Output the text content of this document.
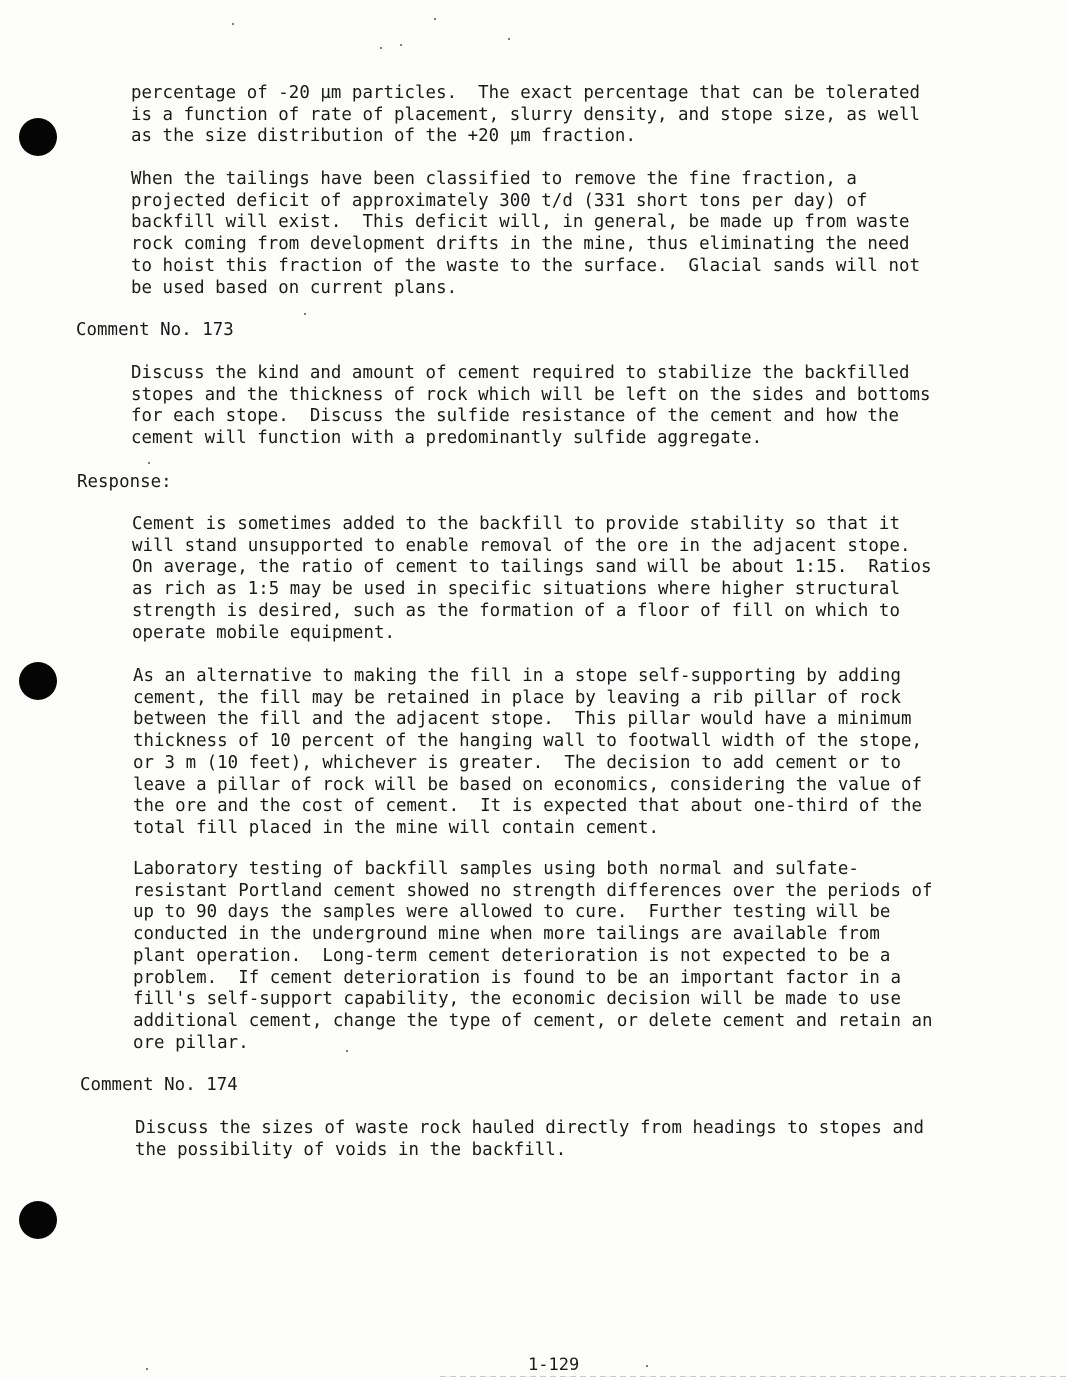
percentage of -20 µm particles.  The exact percentage that can be tolerated
is a function of rate of placement, slurry density, and stope size, as well
as the size distribution of the +20 µm fraction.
When the tailings have been classified to remove the fine fraction, a
projected deficit of approximately 300 t/d (331 short tons per day) of
backfill will exist.  This deficit will, in general, be made up from waste
rock coming from development drifts in the mine, thus eliminating the need
to hoist this fraction of the waste to the surface.  Glacial sands will not
be used based on current plans.
Comment No. 173
Discuss the kind and amount of cement required to stabilize the backfilled
stopes and the thickness of rock which will be left on the sides and bottoms
for each stope.  Discuss the sulfide resistance of the cement and how the
cement will function with a predominantly sulfide aggregate.
Response:
Cement is sometimes added to the backfill to provide stability so that it
will stand unsupported to enable removal of the ore in the adjacent stope.
On average, the ratio of cement to tailings sand will be about 1:15.  Ratios
as rich as 1:5 may be used in specific situations where higher structural
strength is desired, such as the formation of a floor of fill on which to
operate mobile equipment.
As an alternative to making the fill in a stope self-supporting by adding
cement, the fill may be retained in place by leaving a rib pillar of rock
between the fill and the adjacent stope.  This pillar would have a minimum
thickness of 10 percent of the hanging wall to footwall width of the stope,
or 3 m (10 feet), whichever is greater.  The decision to add cement or to
leave a pillar of rock will be based on economics, considering the value of
the ore and the cost of cement.  It is expected that about one-third of the
total fill placed in the mine will contain cement.
Laboratory testing of backfill samples using both normal and sulfate-
resistant Portland cement showed no strength differences over the periods of
up to 90 days the samples were allowed to cure.  Further testing will be
conducted in the underground mine when more tailings are available from
plant operation.  Long-term cement deterioration is not expected to be a
problem.  If cement deterioration is found to be an important factor in a
fill's self-support capability, the economic decision will be made to use
additional cement, change the type of cement, or delete cement and retain an
ore pillar.
Comment No. 174
Discuss the sizes of waste rock hauled directly from headings to stopes and
the possibility of voids in the backfill.
1-129
